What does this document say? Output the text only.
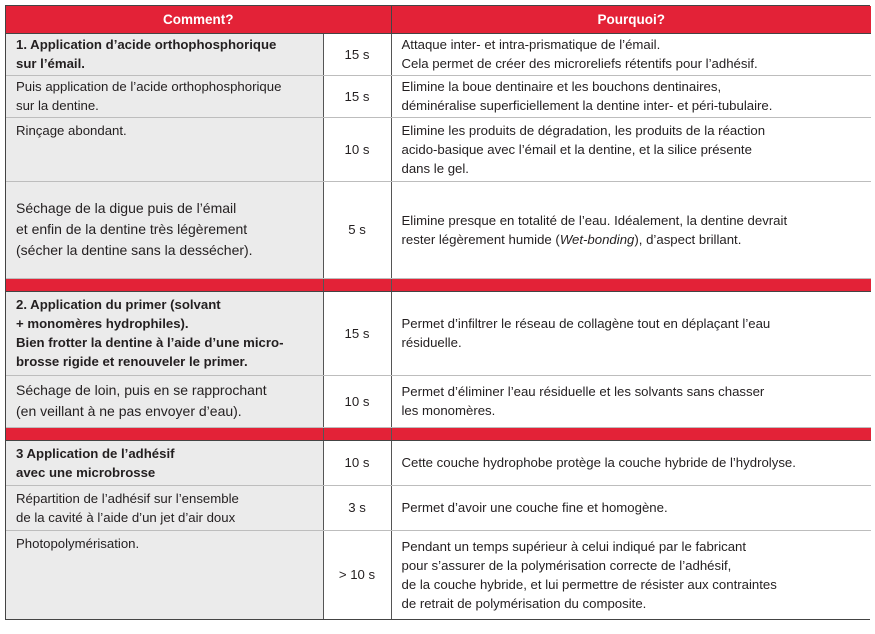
Comment?		Pourquoi?

1. Application d’acide orthophosphorique
sur l’émail.	15 s	Attaque inter- et intra-prismatique de l’émail.
Cela permet de créer des microreliefs rétentifs pour l’adhésif.

Puis application de l’acide orthophosphorique
sur la dentine.	15 s	Elimine la boue dentinaire et les bouchons dentinaires,
déminéralise superficiellement la dentine inter- et péri-tubulaire.

Rinçage abondant.	10 s	Elimine les produits de dégradation, les produits de la réaction
acido-basique avec l’émail et la dentine, et la silice présente
dans le gel.

Séchage de la digue puis de l’émail
et enfin de la dentine très légèrement
(sécher la dentine sans la dessécher).	5 s	Elimine presque en totalité de l’eau. Idéalement, la dentine devrait
rester légèrement humide (Wet-bonding), d’aspect brillant.

2. Application du primer (solvant
+ monomères hydrophiles).
Bien frotter la dentine à l’aide d’une micro-
brosse rigide et renouveler le primer.	15 s	Permet d’infiltrer le réseau de collagène tout en déplaçant l’eau
résiduelle.

Séchage de loin, puis en se rapprochant
(en veillant à ne pas envoyer d’eau).	10 s	Permet d’éliminer l’eau résiduelle et les solvants sans chasser
les monomères.

3 Application de l’adhésif
avec une microbrosse	10 s	Cette couche hydrophobe protège la couche hybride de l’hydrolyse.

Répartition de l’adhésif sur l’ensemble
de la cavité à l’aide d’un jet d’air doux	3 s	Permet d’avoir une couche fine et homogène.

Photopolymérisation.	> 10 s	Pendant un temps supérieur à celui indiqué par le fabricant
pour s’assurer de la polymérisation correcte de l’adhésif,
de la couche hybride, et lui permettre de résister aux contraintes
de retrait de polymérisation du composite.
